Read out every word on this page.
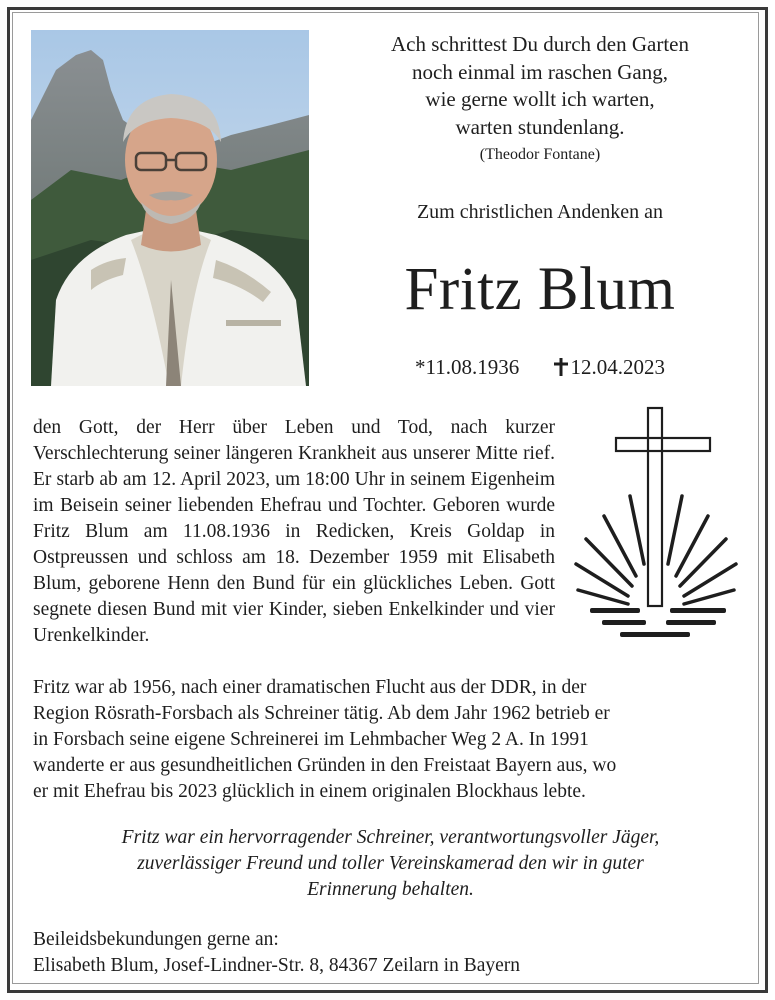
Ach schrittest Du durch den Garten
noch einmal im raschen Gang,
wie gerne wollt ich warten,
warten stundenlang.
(Theodor Fontane)
Zum christlichen Andenken an
Fritz Blum
*11.08.1936 12.04.2023
den Gott, der Herr über Leben und Tod, nach kurzer Verschlechterung seiner längeren Krankheit aus unserer Mitte rief. Er starb ab am 12. April 2023, um 18:00 Uhr in seinem Eigenheim im Beisein seiner liebenden Ehefrau und Tochter. Geboren wurde Fritz Blum am 11.08.1936 in Redicken, Kreis Goldap in Ostpreussen und schloss am 18. Dezember 1959 mit Elisabeth Blum, geborene Henn den Bund für ein glückliches Leben. Gott segnete diesen Bund mit vier Kinder, sieben Enkelkinder und vier Urenkelkinder.
Fritz war ab 1956, nach einer dramatischen Flucht aus der DDR, in der
Region Rösrath-Forsbach als Schreiner tätig. Ab dem Jahr 1962 betrieb er
in Forsbach seine eigene Schreinerei im Lehmbacher Weg 2 A. In 1991
wanderte er aus gesundheitlichen Gründen in den Freistaat Bayern aus, wo
er mit Ehefrau bis 2023 glücklich in einem originalen Blockhaus lebte.
Fritz war ein hervorragender Schreiner, verantwortungsvoller Jäger,
zuverlässiger Freund und toller Vereinskamerad den wir in guter
Erinnerung behalten.
Beileidsbekundungen gerne an:
Elisabeth Blum, Josef-Lindner-Str. 8, 84367 Zeilarn in Bayern
